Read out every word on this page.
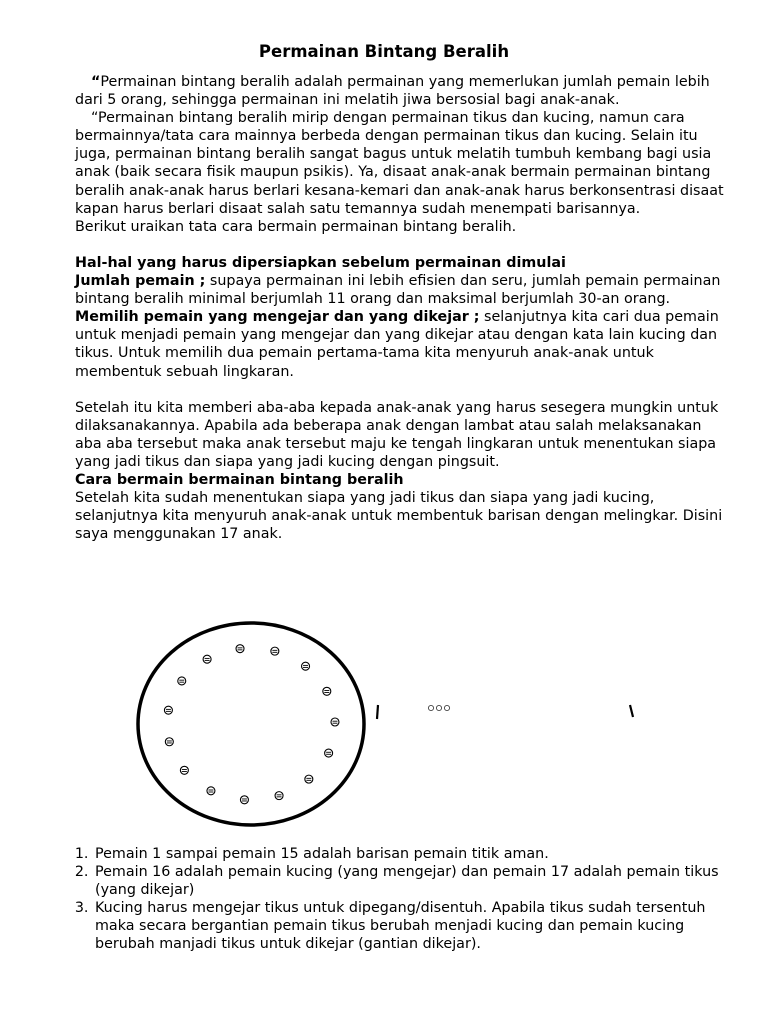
Permainan Bintang Beralih

“Permainan bintang beralih adalah permainan yang memerlukan jumlah pemain lebih dari 5 orang, sehingga permainan ini melatih jiwa bersosial bagi anak-anak.

“Permainan bintang beralih mirip dengan permainan tikus dan kucing, namun cara bermainnya/tata cara mainnya berbeda dengan permainan tikus dan kucing. Selain itu juga, permainan bintang beralih sangat bagus untuk melatih tumbuh kembang bagi usia anak (baik secara fisik maupun psikis). Ya, disaat anak-anak bermain permainan bintang beralih anak-anak harus berlari kesana-kemari dan anak-anak harus berkonsentrasi disaat kapan harus berlari disaat salah satu temannya sudah menempati barisannya.

Berikut uraikan tata cara bermain permainan bintang beralih.

Hal-hal yang harus dipersiapkan sebelum permainan dimulai

Jumlah pemain ; supaya permainan ini lebih efisien dan seru, jumlah pemain permainan bintang beralih minimal berjumlah 11 orang dan maksimal berjumlah 30-an orang.

Memilih pemain yang mengejar dan yang dikejar ; selanjutnya kita cari dua pemain untuk menjadi pemain yang mengejar dan yang dikejar atau dengan kata lain kucing dan tikus. Untuk memilih dua pemain pertama-tama kita menyuruh anak-anak untuk membentuk sebuah lingkaran.

Setelah itu kita memberi aba-aba kepada anak-anak yang harus sesegera mungkin untuk dilaksanakannya. Apabila ada beberapa anak dengan lambat atau salah melaksanakan aba aba tersebut maka anak tersebut maju ke tengah lingkaran untuk menentukan siapa yang jadi tikus dan siapa yang jadi kucing dengan pingsuit.

Cara bermain bermainan bintang beralih

Setelah kita sudah menentukan siapa yang jadi tikus dan siapa yang jadi kucing, selanjutnya kita menyuruh anak-anak untuk membentuk barisan dengan melingkar. Disini saya menggunakan 17 anak.

1. Pemain 1 sampai pemain 15 adalah barisan pemain titik aman.
2. Pemain 16 adalah pemain kucing (yang mengejar) dan pemain 17 adalah pemain tikus (yang dikejar)
3. Kucing harus mengejar tikus untuk dipegang/disentuh. Apabila tikus sudah tersentuh maka secara bergantian pemain tikus berubah menjadi kucing dan pemain kucing berubah manjadi tikus untuk dikejar (gantian dikejar).
